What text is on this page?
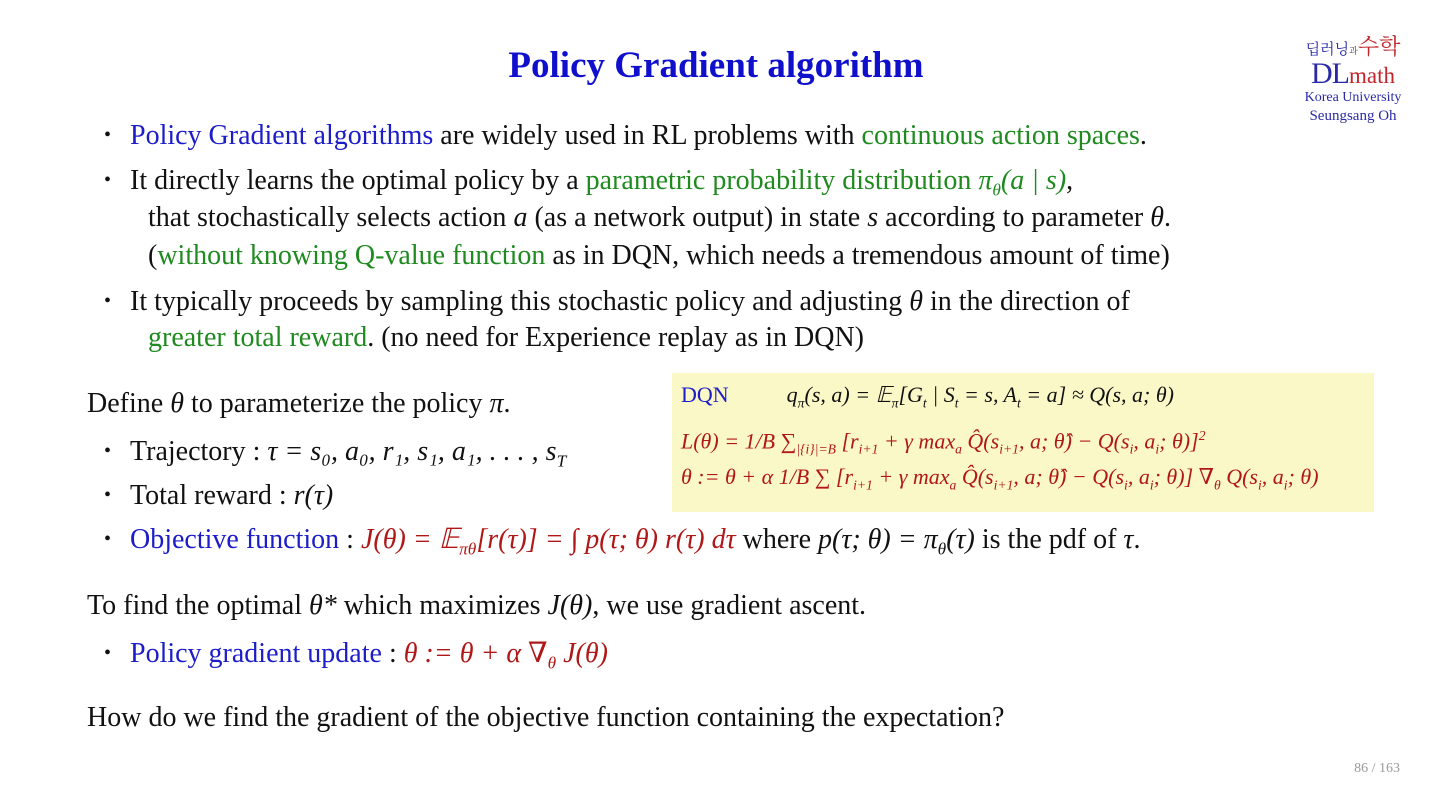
Policy Gradient algorithm	딥러닝과수학
DLmath
Korea University
Seungsang Oh
• Policy Gradient algorithms are widely used in RL problems with continuous action spaces.
• It directly learns the optimal policy by a parametric probability distribution $\pi_\theta(a$ | s),
that stochastically selects action a (as a network output) in state s according to parameter θ.
(without knowing Q-value function as in DQN, which needs a tremendous amount of time)
• It typically proceeds by sampling this stochastic policy and adjusting θ in the direction of
greater total reward. (no need for Experience replay as in DQN)
Define θ to parameterize the policy π.
• Trajectory : τ = s₀, a₀, r₁, s₁, a₁, . . . , $s_T$
• Total reward : r(τ)
• Objective function : J(θ) = 𝔼$_{\pi\theta}$[r(τ)] = ∫ p(τ; θ) r(τ) dτ where p(τ; $\theta) = \pi_\theta(\tau)$ is the pdf of τ.
DQN	$q_\pi(s$, $a) = 𝔼_\pi[G_t$ | $S_t = s$, $A_t = a] \approx Q(s$, a; θ)
L(θ) = 1/B $\sum_{|\{i\}|=B}$ [$r_{i+1} + \gamma$ $\max_a$ $Q̂(s_{i+1}$, a; θ̂) − $Q(s_i$, $a_i$; θ)]$^2$
θ := θ + α 1/B ∑ [$r_{i+1} + \gamma$ $\max_a$ $Q̂(s_{i+1}$, a; θ̂) − $Q(s_i$, $a_i$; θ)] $\nabla_\theta$ $Q(s_i$, $a_i$; θ)
To find the optimal θ* which maximizes J(θ), we use gradient ascent.
• Policy gradient update : θ := θ + α $\nabla_\theta$ J(θ)
How do we find the gradient of the objective function containing the expectation?
86 / 163
